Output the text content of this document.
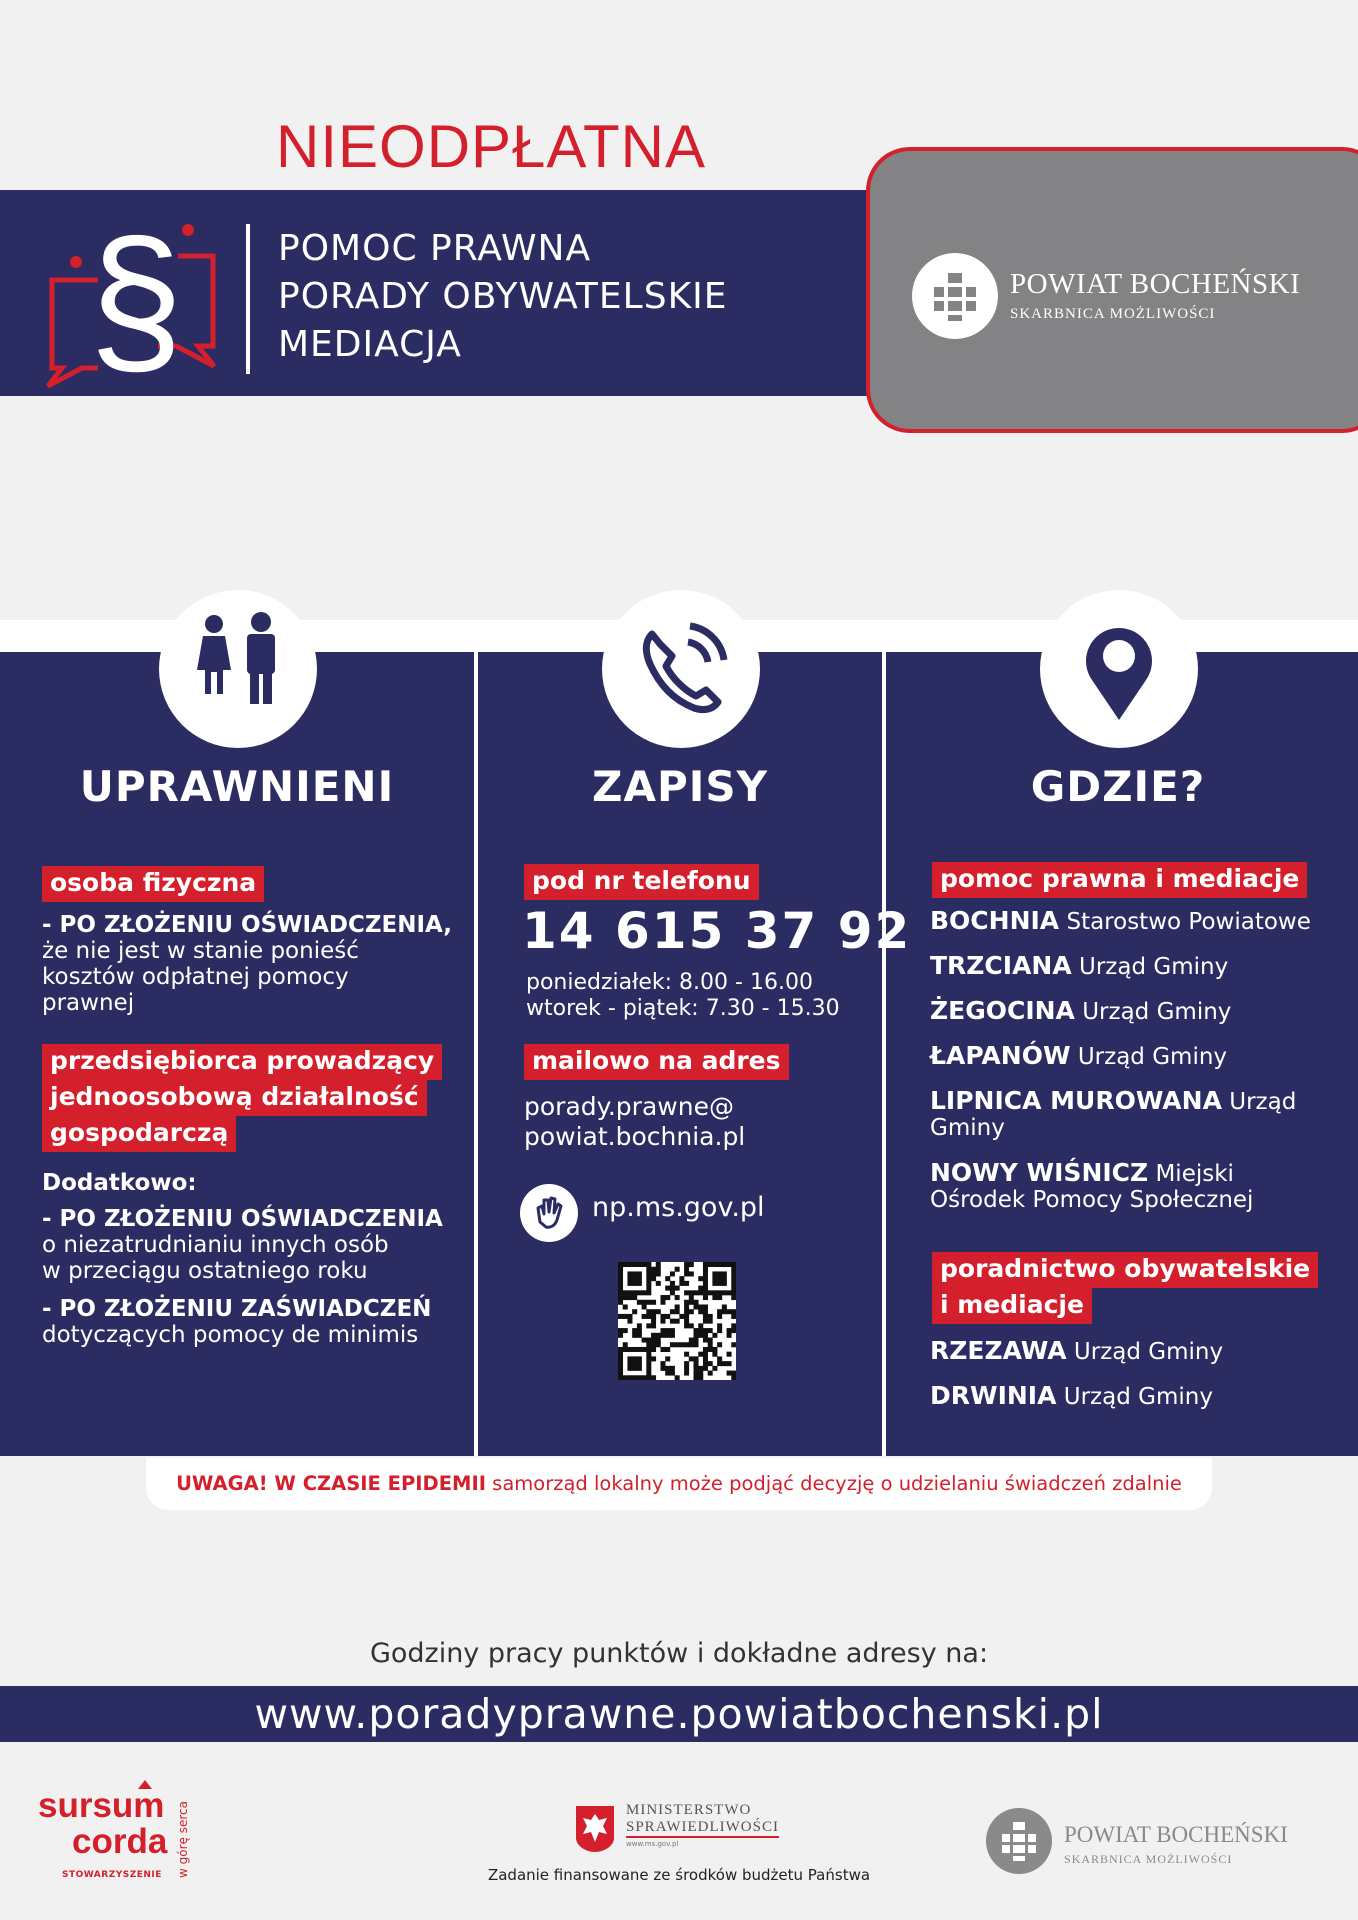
NIEODPŁATNA
§	POMOC PRAWNA
PORADY OBYWATELSKIE
MEDIACJA
POWIAT BOCHEŃSKI
SKARBNICA MOŻLIWOŚCI
UPRAWNIENI	ZAPISY	GDZIE?
osoba fizyczna
- PO ZŁOŻENIU OŚWIADCZENIA,
że nie jest w stanie ponieść
kosztów odpłatnej pomocy
prawnej
przedsiębiorca prowadzący
jednoosobową działalność
gospodarczą
Dodatkowo:
- PO ZŁOŻENIU OŚWIADCZENIA
o niezatrudnianiu innych osób
w przeciągu ostatniego roku
- PO ZŁOŻENIU ZAŚWIADCZEŃ
dotyczących pomocy de minimis
pod nr telefonu
14 615 37 92
poniedziałek: 8.00 - 16.00
wtorek - piątek: 7.30 - 15.30
mailowo na adres
porady.prawne@
powiat.bochnia.pl
np.ms.gov.pl
pomoc prawna i mediacje
BOCHNIA Starostwo Powiatowe
TRZCIANA Urząd Gminy
ŻEGOCINA Urząd Gminy
ŁAPANÓW Urząd Gminy
LIPNICA MUROWANA Urząd
Gminy
NOWY WIŚNICZ Miejski
Ośrodek Pomocy Społecznej
poradnictwo obywatelskie
i mediacje
RZEZAWA Urząd Gminy
DRWINIA Urząd Gminy
UWAGA! W CZASIE EPIDEMII samorząd lokalny może podjąć decyzję o udzielaniu świadczeń zdalnie
Godziny pracy punktów i dokładne adresy na:
www.poradyprawne.powiatbochenski.pl
sursum
corda
STOWARZYSZENIE w górę serca	MINISTERSTWO
SPRAWIEDLIWOŚCI
www.ms.gov.pl
Zadanie finansowane ze środków budżetu Państwa
POWIAT BOCHEŃSKI
SKARBNICA MOŻLIWOŚCI
